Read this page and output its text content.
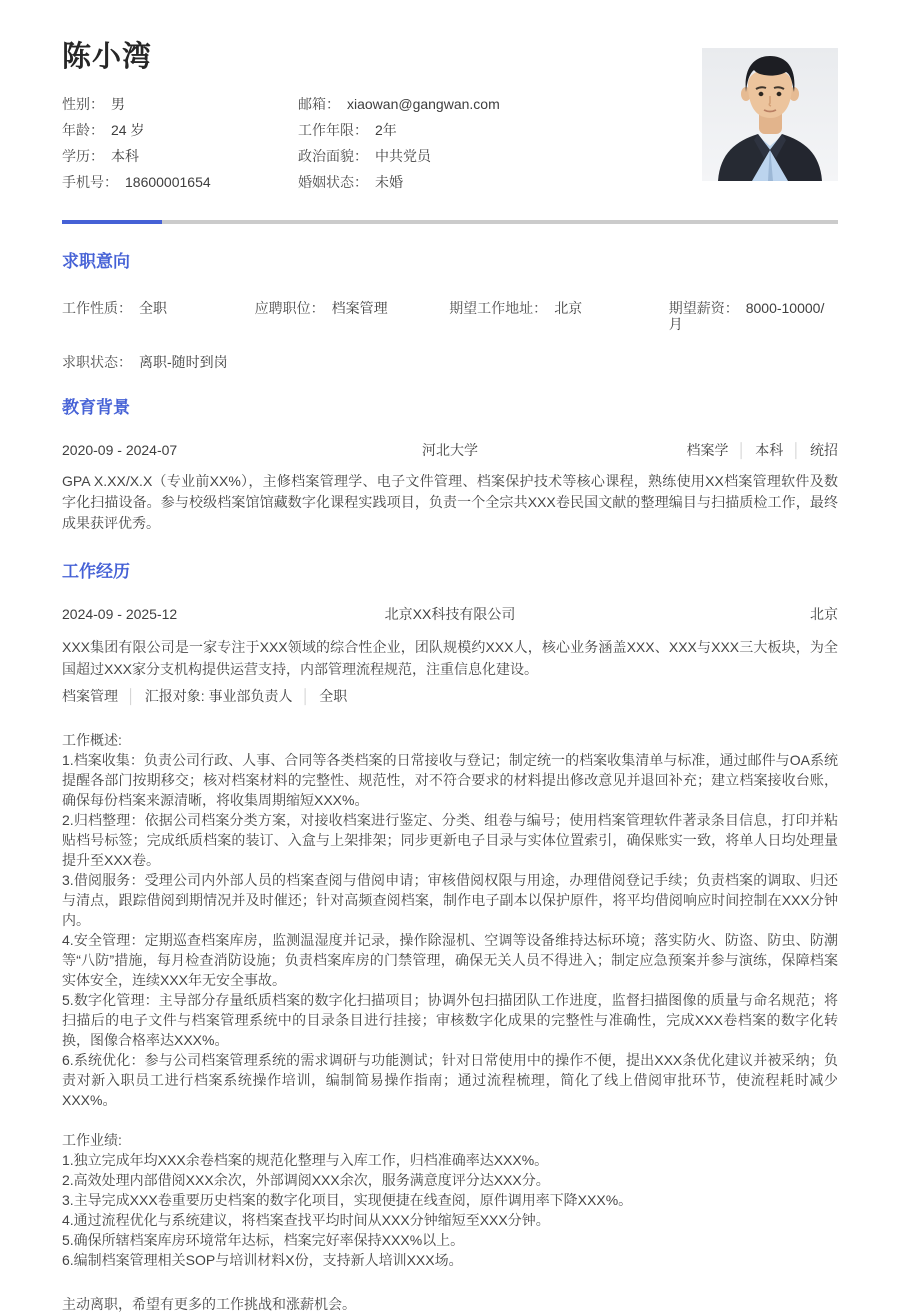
陈小湾
性别： 男
年龄： 24 岁
学历： 本科
手机号： 18600001654
邮箱： xiaowan@gangwan.com
工作年限： 2年
政治面貌： 中共党员
婚姻状态： 未婚
求职意向
工作性质： 全职	应聘职位： 档案管理	期望工作地址： 北京	期望薪资： 8000-10000/月
求职状态： 离职-随时到岗
教育背景
2020-09 - 2024-07	河北大学	档案学 │ 本科 │ 统招

GPA X.XX/X.X（专业前XX%），主修档案管理学、电子文件管理、档案保护技术等核心课程，熟练使用XX档案管理软件及数字化扫描设备。参与校级档案馆馆藏数字化课程实践项目，负责一个全宗共XXX卷民国文献的整理编目与扫描质检工作，最终成果获评优秀。

工作经历
2024-09 - 2025-12	北京XX科技有限公司	北京

XXX集团有限公司是一家专注于XXX领域的综合性企业，团队规模约XXX人，核心业务涵盖XXX、XXX与XXX三大板块，为全国超过XXX家分支机构提供运营支持，内部管理流程规范，注重信息化建设。

档案管理 │ 汇报对象: 事业部负责人 │ 全职

工作概述:

1.档案收集：负责公司行政、人事、合同等各类档案的日常接收与登记；制定统一的档案收集清单与标准，通过邮件与OA系统提醒各部门按期移交；核对档案材料的完整性、规范性，对不符合要求的材料提出修改意见并退回补充；建立档案接收台账，确保每份档案来源清晰，将收集周期缩短XXX%。

2.归档整理：依据公司档案分类方案，对接收档案进行鉴定、分类、组卷与编号；使用档案管理软件著录条目信息，打印并粘贴档号标签；完成纸质档案的装订、入盒与上架排架；同步更新电子目录与实体位置索引，确保账实一致，将单人日均处理量提升至XXX卷。

3.借阅服务：受理公司内外部人员的档案查阅与借阅申请；审核借阅权限与用途，办理借阅登记手续；负责档案的调取、归还与清点，跟踪借阅到期情况并及时催还；针对高频查阅档案，制作电子副本以保护原件，将平均借阅响应时间控制在XXX分钟内。

4.安全管理：定期巡查档案库房，监测温湿度并记录，操作除湿机、空调等设备维持达标环境；落实防火、防盗、防虫、防潮等“八防”措施，每月检查消防设施；负责档案库房的门禁管理，确保无关人员不得进入；制定应急预案并参与演练，保障档案实体安全，连续XXX年无安全事故。

5.数字化管理：主导部分存量纸质档案的数字化扫描项目；协调外包扫描团队工作进度，监督扫描图像的质量与命名规范；将扫描后的电子文件与档案管理系统中的目录条目进行挂接；审核数字化成果的完整性与准确性，完成XXX卷档案的数字化转换，图像合格率达XXX%。

6.系统优化：参与公司档案管理系统的需求调研与功能测试；针对日常使用中的操作不便，提出XXX条优化建议并被采纳；负责对新入职员工进行档案系统操作培训，编制简易操作指南；通过流程梳理，简化了线上借阅审批环节，使流程耗时减少XXX%。

工作业绩:

1.独立完成年均XXX余卷档案的规范化整理与入库工作，归档准确率达XXX%。

2.高效处理内部借阅XXX余次，外部调阅XXX余次，服务满意度评分达XXX分。

3.主导完成XXX卷重要历史档案的数字化项目，实现便捷在线查阅，原件调用率下降XXX%。

4.通过流程优化与系统建议，将档案查找平均时间从XXX分钟缩短至XXX分钟。

5.确保所辖档案库房环境常年达标，档案完好率保持XXX%以上。

6.编制档案管理相关SOP与培训材料X份，支持新人培训XXX场。

主动离职，希望有更多的工作挑战和涨薪机会。
